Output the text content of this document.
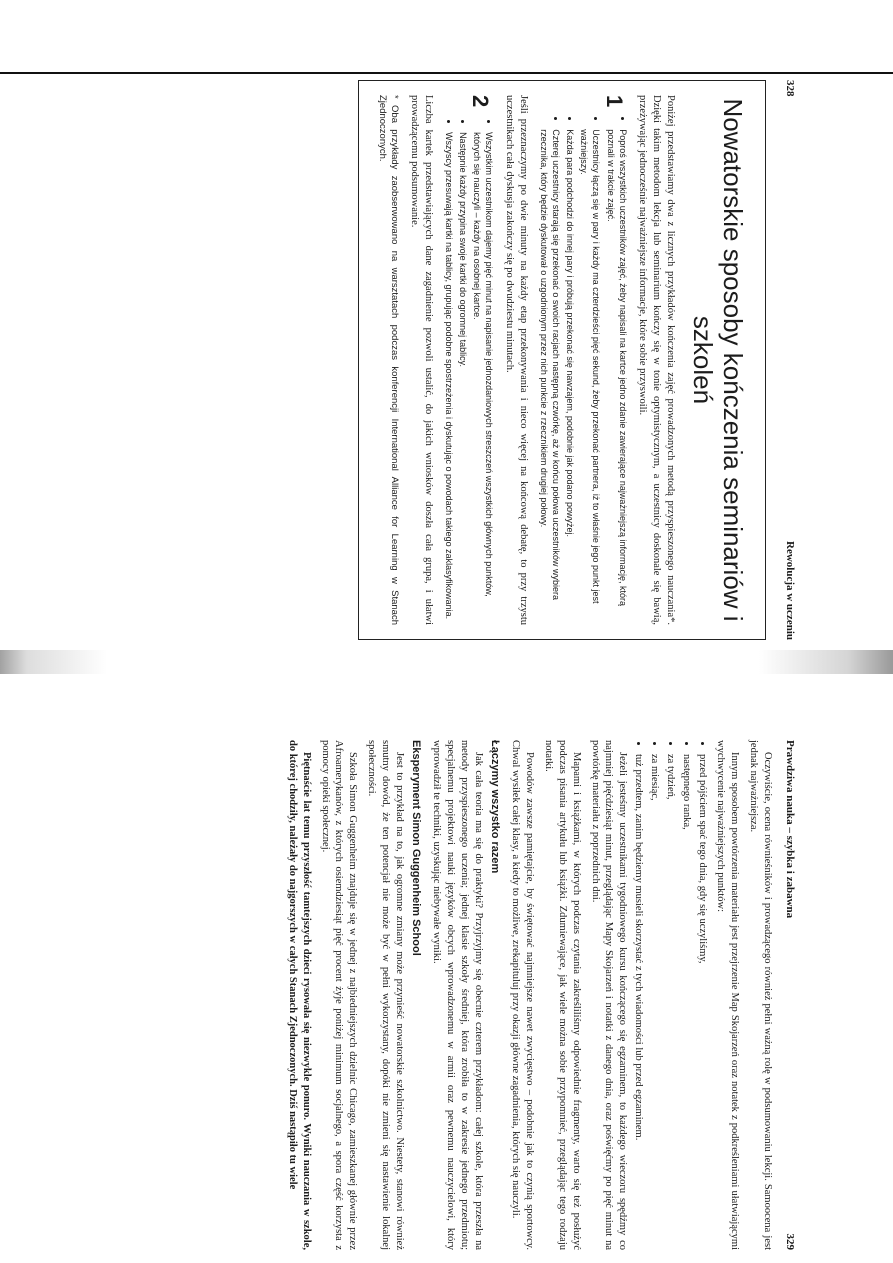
328
Rewolucja w uczeniu
Nowatorskie sposoby kończenia seminariów i szkoleń

Poniżej przedstawiamy dwa z licznych przykładów kończenia zajęć prowadzonych metodą przyspieszonego nauczania*. Dzięki takim metodom lekcja lub seminarium kończy się w tonie optymistycznym, a uczestnicy doskonale się bawią, przeżywając jednocześnie najważniejsze informacje, które sobie przyswoili.

1
• Poproś wszystkich uczestników zajęć, żeby napisali na kartce jedno zdanie zawierające najważniejszą informację, którą poznali w trakcie zajęć.
• Uczestnicy łączą się w pary i każdy ma czterdzieści pięć sekund, żeby przekonać partnera, iż to właśnie jego punkt jest ważniejszy.
• Każda para podchodzi do innej pary i próbują przekonać się nawzajem, podobnie jak podano powyżej.
• Czterej uczestnicy starają się przekonać o swoich racjach następną czwórkę, aż w końcu połowa uczestników wybiera rzecznika, który będzie dyskutował o uzgodnionym przez nich punkcie z rzecznikiem drugiej połowy.

Jeśli przeznaczymy po dwie minuty na każdy etap przekonywania i nieco więcej na końcową debatę, to przy trzystu uczestnikach cała dyskusja zakończy się po dwudziestu minutach.

2
• Wszystkim uczestnikom dajemy pięć minut na napisanie jednozdaniowych streszczeń wszystkich głównych punktów, których się nauczyli – każdy na osobnej kartce.
• Następnie każdy przypina swoje kartki do ogromnej tablicy.
• Wszyscy przesuwają kartki na tablicy, grupując podobne spostrzeżenia i dyskutując o powodach takiego zaklasyfikowania.

Liczba kartek przedstawiających dane zagadnienie pozwoli ustalić, do jakich wniosków doszła cała grupa, i ułatwi prowadzącemu podsumowanie.

* Oba przykłady zaobserwowano na warsztatach podczas konferencji International Alliance for Learning w Stanach Zjednoczonych.

Prawdziwa nauka – szybka i zabawna
329

Oczywiście, ocena równieśników i prowadzącego również pełni ważną rolę w podsumowaniu lekcji. Samoocena jest jednak najważniejsza.

Innym sposobem powtórzenia materiału jest przejrzenie Map Skojarzeń oraz notatek z podkreśleniami ułatwiającymi wychwycenie najważniejszych punktów:

• przed pójściem spać tego dnia, gdy się uczyliśmy,
• następnego ranka,
• za tydzień,
• za miesiąc,
• tuż przedtem, zanim będziemy musieli skorzystać z tych wiadomości lub przed egzaminem.

Jeżeli jesteśmy uczestnikami tygodniowego kursu kończącego się egzaminem, to każdego wieczoru spędźmy co najmniej pięćdziesiąt minut, przeglądając Mapy Skojarzeń i notatki z danego dnia, oraz poświęćmy po pięć minut na powtórkę materiału z poprzednich dni.

Mapami i książkami, w których podczas czytania zakreśliliśmy odpowiednie fragmenty, warto się też posłużyć podczas pisania artykułu lub książki. Zdumiewające, jak wiele można sobie przypomnieć, przeglądając tego rodzaju notatki.

Powodów zawsze pamiętajcie, by świętować najmniejsze nawet zwycięstwo – podobnie jak to czynią sportowcy. Chwal wysiłek całej klasy, a kiedy to możliwe, zrekapituluj przy okazji główne zagadnienia, których się nauczyli.

Łączymy wszystko razem

Jak cała teoria ma się do praktyki? Przyjrzyjmy się obecnie czterem przykładom: całej szkole, która przeszła na metody przyspieszonego uczenia; jednej klasie szkoły średniej, która zrobiła to w zakresie jednego przedmiotu; specjalnemu projektowi nauki języków obcych wprowadzonemu w armii oraz pewnemu nauczycielowi, który wprowadził te techniki, uzyskując niebywałe wyniki.

Eksperyment Simon Guggenheim School

Jest to przykład na to, jak ogromne zmiany może przynieść nowatorskie szkolnictwo. Niestety, stanowi również smutny dowód, że ten potencjał nie może być w pełni wykorzystany, dopóki nie zmieni się nastawienie lokalnej społeczności.

Szkoła Simon Guggenheim znajduje się w jednej z najbiedniejszych dzielnic Chicago, zamieszkanej głównie przez Afroamerykanów, z których osiemdziesiąt pięć procent żyje poniżej minimum socjalnego, a spora część korzysta z pomocy opieki społecznej.

Piętnaście lat temu przyszłość tamtejszych dzieci rysowała się niezwykle ponuro. Wyniki nauczania w szkole, do której chodziły, należały do najgorszych w całych Stanach Zjednoczonych. Dziś nastąpiło tu wiele
